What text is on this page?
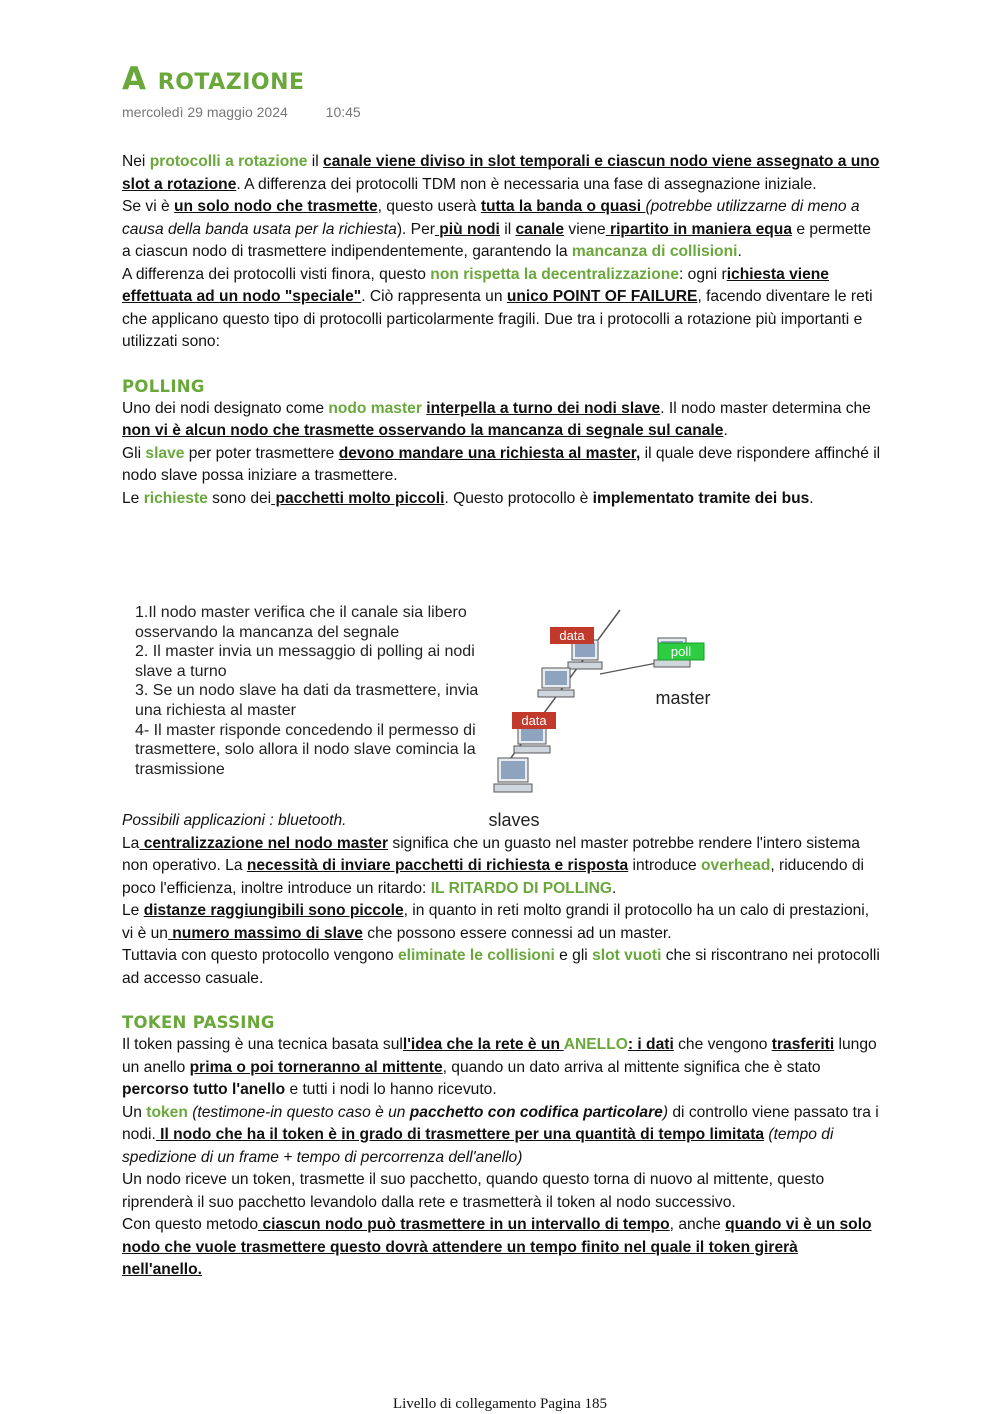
A rotazione
mercoledì 29 maggio 2024	10:45

Nei protocolli a rotazione il canale viene diviso in slot temporali e ciascun nodo viene assegnato a uno slot a rotazione. A differenza dei protocolli TDM non è necessaria una fase di assegnazione iniziale.

Se vi è un solo nodo che trasmette, questo userà tutta la banda o quasi (potrebbe utilizzarne di meno a causa della banda usata per la richiesta). Per più nodi il canale viene ripartito in maniera equa e permette a ciascun nodo di trasmettere indipendentemente, garantendo la mancanza di collisioni.

A differenza dei protocolli visti finora, questo non rispetta la decentralizzazione: ogni richiesta viene effettuata ad un nodo "speciale". Ciò rappresenta un unico POINT OF FAILURE, facendo diventare le reti che applicano questo tipo di protocolli particolarmente fragili. Due tra i protocolli a rotazione più importanti e utilizzati sono:

POLLING

Uno dei nodi designato come nodo master interpella a turno dei nodi slave. Il nodo master determina che non vi è alcun nodo che trasmette osservando la mancanza di segnale sul canale.

Gli slave per poter trasmettere devono mandare una richiesta al master, il quale deve rispondere affinché il nodo slave possa iniziare a trasmettere.

Le richieste sono dei pacchetti molto piccoli. Questo protocollo è implementato tramite dei bus.

Possibili applicazioni : bluetooth.

La centralizzazione nel nodo master significa che un guasto nel master potrebbe rendere l'intero sistema non operativo. La necessità di inviare pacchetti di richiesta e risposta introduce overhead, riducendo di poco l'efficienza, inoltre introduce un ritardo: IL RITARDO DI POLLING.

Le distanze raggiungibili sono piccole, in quanto in reti molto grandi il protocollo ha un calo di prestazioni, vi è un numero massimo di slave che possono essere connessi ad un master.

Tuttavia con questo protocollo vengono eliminate le collisioni e gli slot vuoti che si riscontrano nei protocolli ad accesso casuale.

TOKEN PASSING

Il token passing è una tecnica basata sull'idea che la rete è un ANELLO: i dati che vengono trasferiti lungo un anello prima o poi torneranno al mittente, quando un dato arriva al mittente significa che è stato percorso tutto l'anello e tutti i nodi lo hanno ricevuto.

Un token (testimone-in questo caso è un pacchetto con codifica particolare) di controllo viene passato tra i nodi. Il nodo che ha il token è in grado di trasmettere per una quantità di tempo limitata (tempo di spedizione di un frame + tempo di percorrenza dell'anello)

Un nodo riceve un token, trasmette il suo pacchetto, quando questo torna di nuovo al mittente, questo riprenderà il suo pacchetto levandolo dalla rete e trasmetterà il token al nodo successivo.

Con questo metodo ciascun nodo può trasmettere in un intervallo di tempo, anche quando vi è un solo nodo che vuole trasmettere questo dovrà attendere un tempo finito nel quale il token girerà nell'anello.

1.Il nodo master verifica che il canale sia libero
osservando la mancanza del segnale
2. Il master invia un messaggio di polling ai nodi
slave a turno
3. Se un nodo slave ha dati da trasmettere, invia
una richiesta al master
4- Il master risponde concedendo il permesso di
trasmettere, solo allora il nodo slave comincia la
trasmissione
data
data
poll
master
slaves
Livello di collegamento Pagina 185
